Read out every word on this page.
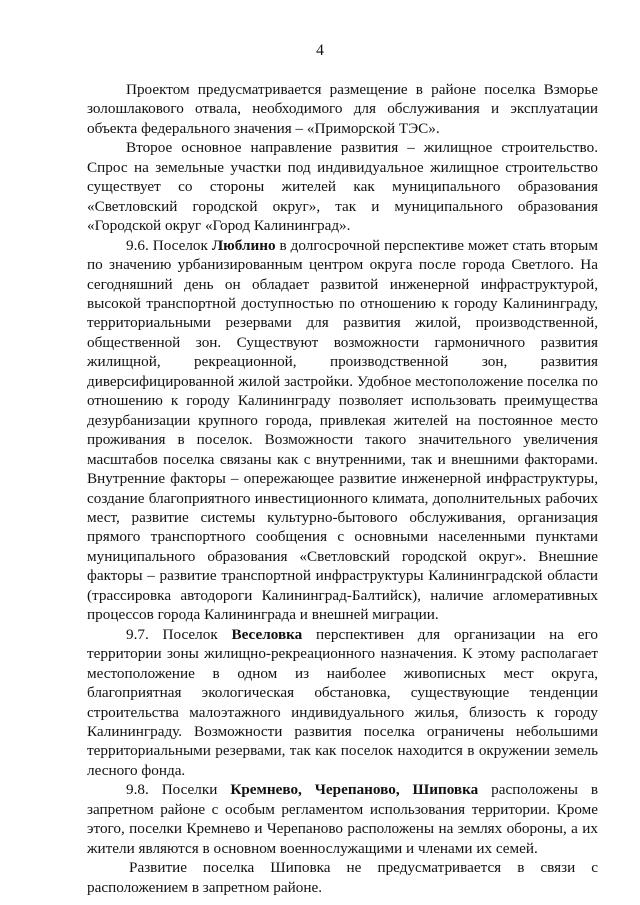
4

Проектом предусматривается размещение в районе поселка Взморье золошлакового отвала, необходимого для обслуживания и эксплуатации объекта федерального значения – «Приморской ТЭС».

Второе основное направление развития – жилищное строительство. Спрос на земельные участки под индивидуальное жилищное строительство существует со стороны жителей как муниципального образования «Светловский городской округ», так и муниципального образования «Городской округ «Город Калининград».

9.6. Поселок Люблино в долгосрочной перспективе может стать вторым по значению урбанизированным центром округа после города Светлого. На сегодняшний день он обладает развитой инженерной инфраструктурой, высокой транспортной доступностью по отношению к городу Калининграду, территориальными резервами для развития жилой, производственной, общественной зон. Существуют возможности гармоничного развития жилищной, рекреационной, производственной зон, развития диверсифицированной жилой застройки. Удобное местоположение поселка по отношению к городу Калининграду позволяет использовать преимущества дезурбанизации крупного города, привлекая жителей на постоянное место проживания в поселок. Возможности такого значительного увеличения масштабов поселка связаны как с внутренними, так и внешними факторами. Внутренние факторы – опережающее развитие инженерной инфраструктуры, создание благоприятного инвестиционного климата, дополнительных рабочих мест, развитие системы культурно-бытового обслуживания, организация прямого транспортного сообщения с основными населенными пунктами муниципального образования «Светловский городской округ». Внешние факторы – развитие транспортной инфраструктуры Калининградской области (трассировка автодороги Калининград-Балтийск), наличие агломеративных процессов города Калининграда и внешней миграции.

9.7. Поселок Веселовка перспективен для организации на его территории зоны жилищно-рекреационного назначения. К этому располагает местоположение в одном из наиболее живописных мест округа, благоприятная экологическая обстановка, существующие тенденции строительства малоэтажного индивидуального жилья, близость к городу Калининграду. Возможности развития поселка ограничены небольшими территориальными резервами, так как поселок находится в окружении земель лесного фонда.

9.8. Поселки Кремнево, Черепаново, Шиповка расположены в запретном районе с особым регламентом использования территории. Кроме этого, поселки Кремнево и Черепаново расположены на землях обороны, а их жители являются в основном военнослужащими и членами их семей.

Развитие поселка Шиповка не предусматривается в связи с расположением в запретном районе.
